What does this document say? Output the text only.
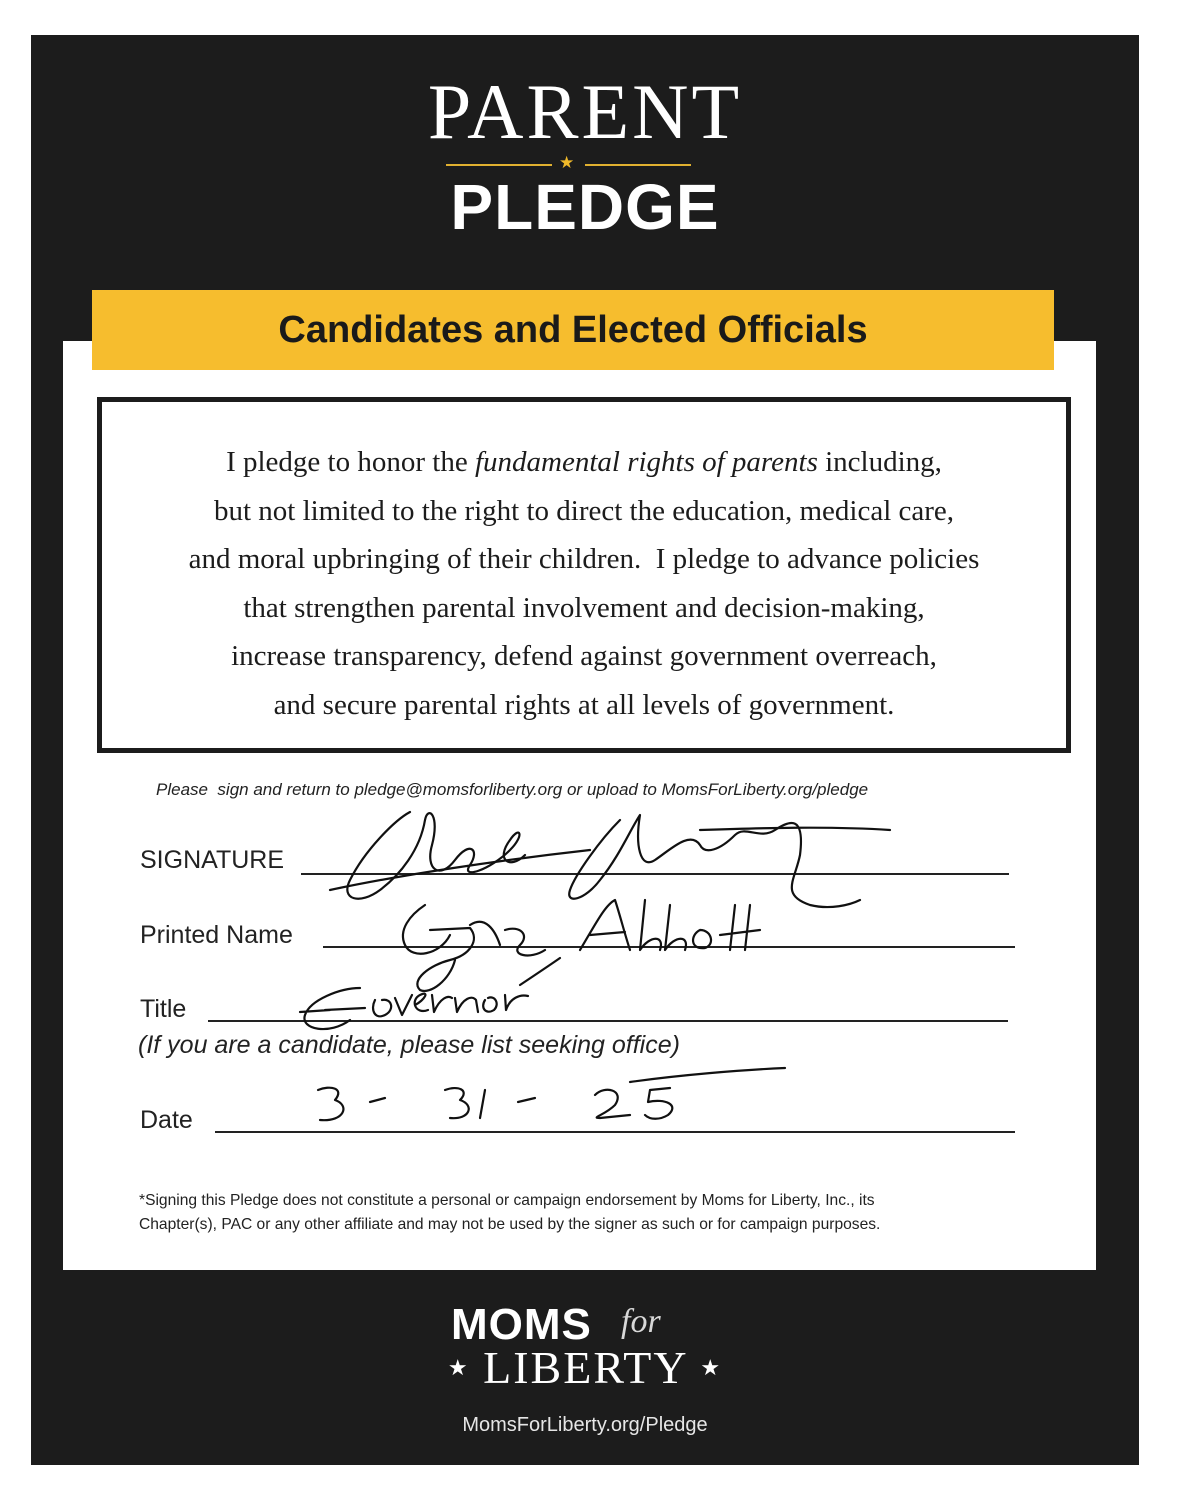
PARENT
★
PLEDGE
Candidates and Elected Officials
I pledge to honor the fundamental rights of parents including,
but not limited to the right to direct the education, medical care,
and moral upbringing of their children.  I pledge to advance policies
that strengthen parental involvement and decision-making,
increase transparency, defend against government overreach,
and secure parental rights at all levels of government.
Please  sign and return to pledge@momsforliberty.org or upload to MomsForLiberty.org/pledge
SIGNATURE
Printed Name
Title
(If you are a candidate, please list seeking office)
Date
*Signing this Pledge does not constitute a personal or campaign endorsement by Moms for Liberty, Inc., its
Chapter(s), PAC or any other affiliate and may not be used by the signer as such or for campaign purposes.
MOMS for
★ LIBERTY ★
MomsForLiberty.org/Pledge
